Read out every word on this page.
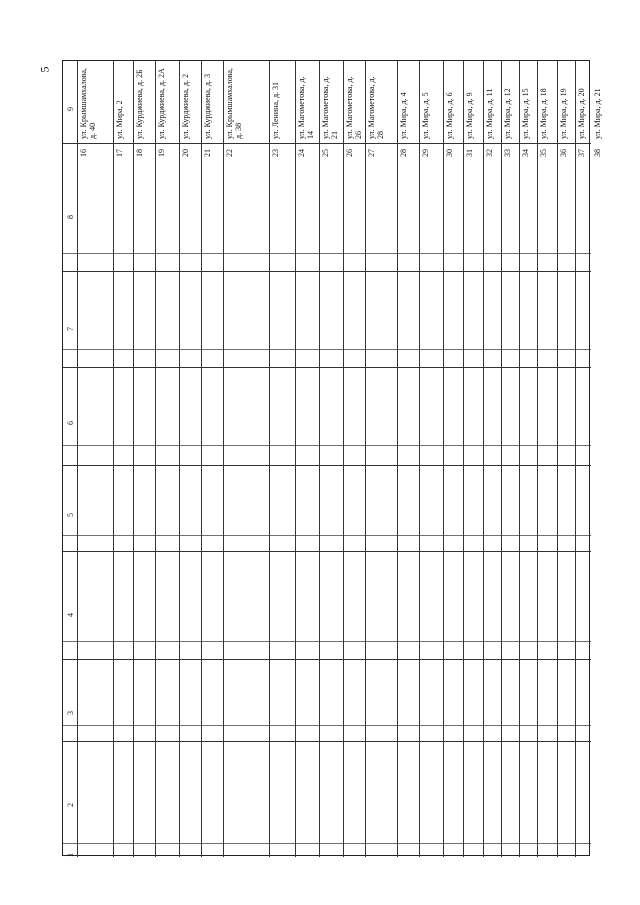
5
1
2
3
4
5
6
7
8
9
16
ул. Крымшамхалова, д. 40
17
ул. Мира, 2
18
ул. Курджиева, д. 2Б
19
ул. Курджиева, д. 2А
20
ул. Курджиева, д. 2
21
ул. Курджиева, д. 3
22
ул. Крымшамхалова, д. 38
23
ул. Ленина, д. 31
24
ул. Магометова, д. 14
25
ул. Магометова, д. 21
26
ул. Магометова, д. 26
27
ул. Магометова, д. 28
28
ул. Мира, д. 4
29
ул. Мира, д. 5
30
ул. Мира, д. 6
31
ул. Мира, д. 9
32
ул. Мира, д. 11
33
ул. Мира, д. 12
34
ул. Мира, д. 15
35
ул. Мира, д. 18
36
ул. Мира, д. 19
37
ул. Мира, д. 20
38
ул. Мира, д. 21
